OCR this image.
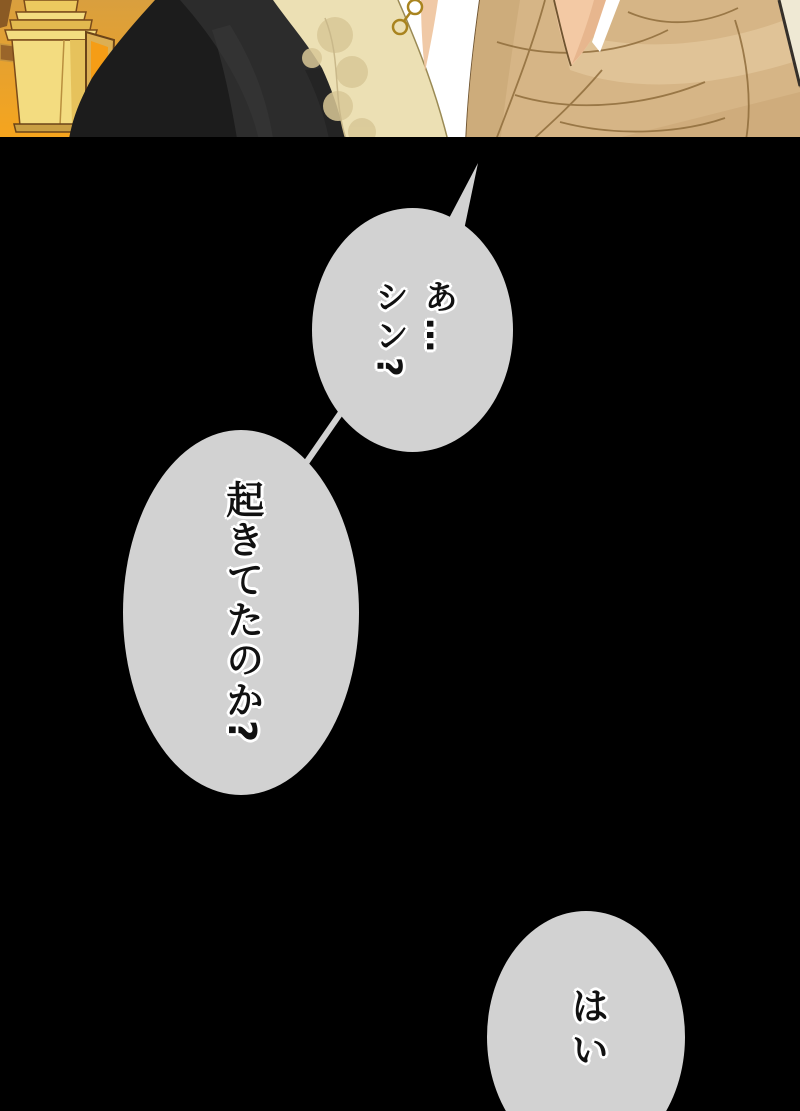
あ…
シン?
起きてたのか?
はい
